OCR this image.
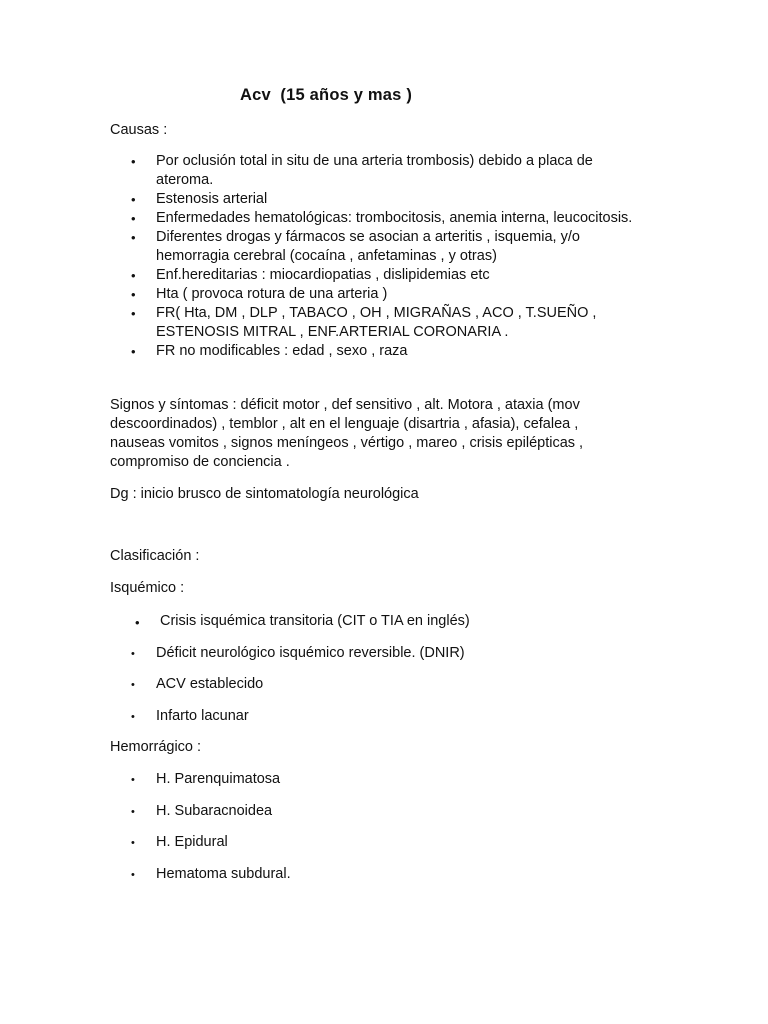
Acv  (15 años y mas )
Causas :
• Por oclusión total in situ de una arteria trombosis) debido a placa de ateroma.
• Estenosis arterial
• Enfermedades hematológicas: trombocitosis, anemia interna, leucocitosis.
• Diferentes drogas y fármacos se asocian a arteritis , isquemia, y/o hemorragia cerebral (cocaína , anfetaminas , y otras)
• Enf.hereditarias : miocardiopatias , dislipidemias etc
• Hta ( provoca rotura de una arteria )
• FR( Hta, DM , DLP , TABACO , OH , MIGRAÑAS , ACO , T.SUEÑO , ESTENOSIS MITRAL , ENF.ARTERIAL CORONARIA .
• FR no modificables : edad , sexo , raza
Signos y síntomas : déficit motor , def sensitivo , alt. Motora , ataxia (mov descoordinados) , temblor , alt en el lenguaje (disartria , afasia), cefalea , nauseas vomitos , signos meníngeos , vértigo , mareo , crisis epilépticas , compromiso de conciencia .
Dg : inicio brusco de sintomatología neurológica
Clasificación :
Isquémico :
• Crisis isquémica transitoria (CIT o TIA en inglés)
• Déficit neurológico isquémico reversible. (DNIR)
• ACV establecido
• Infarto lacunar
Hemorrágico :
• H. Parenquimatosa
• H. Subaracnoidea
• H. Epidural
• Hematoma subdural.
